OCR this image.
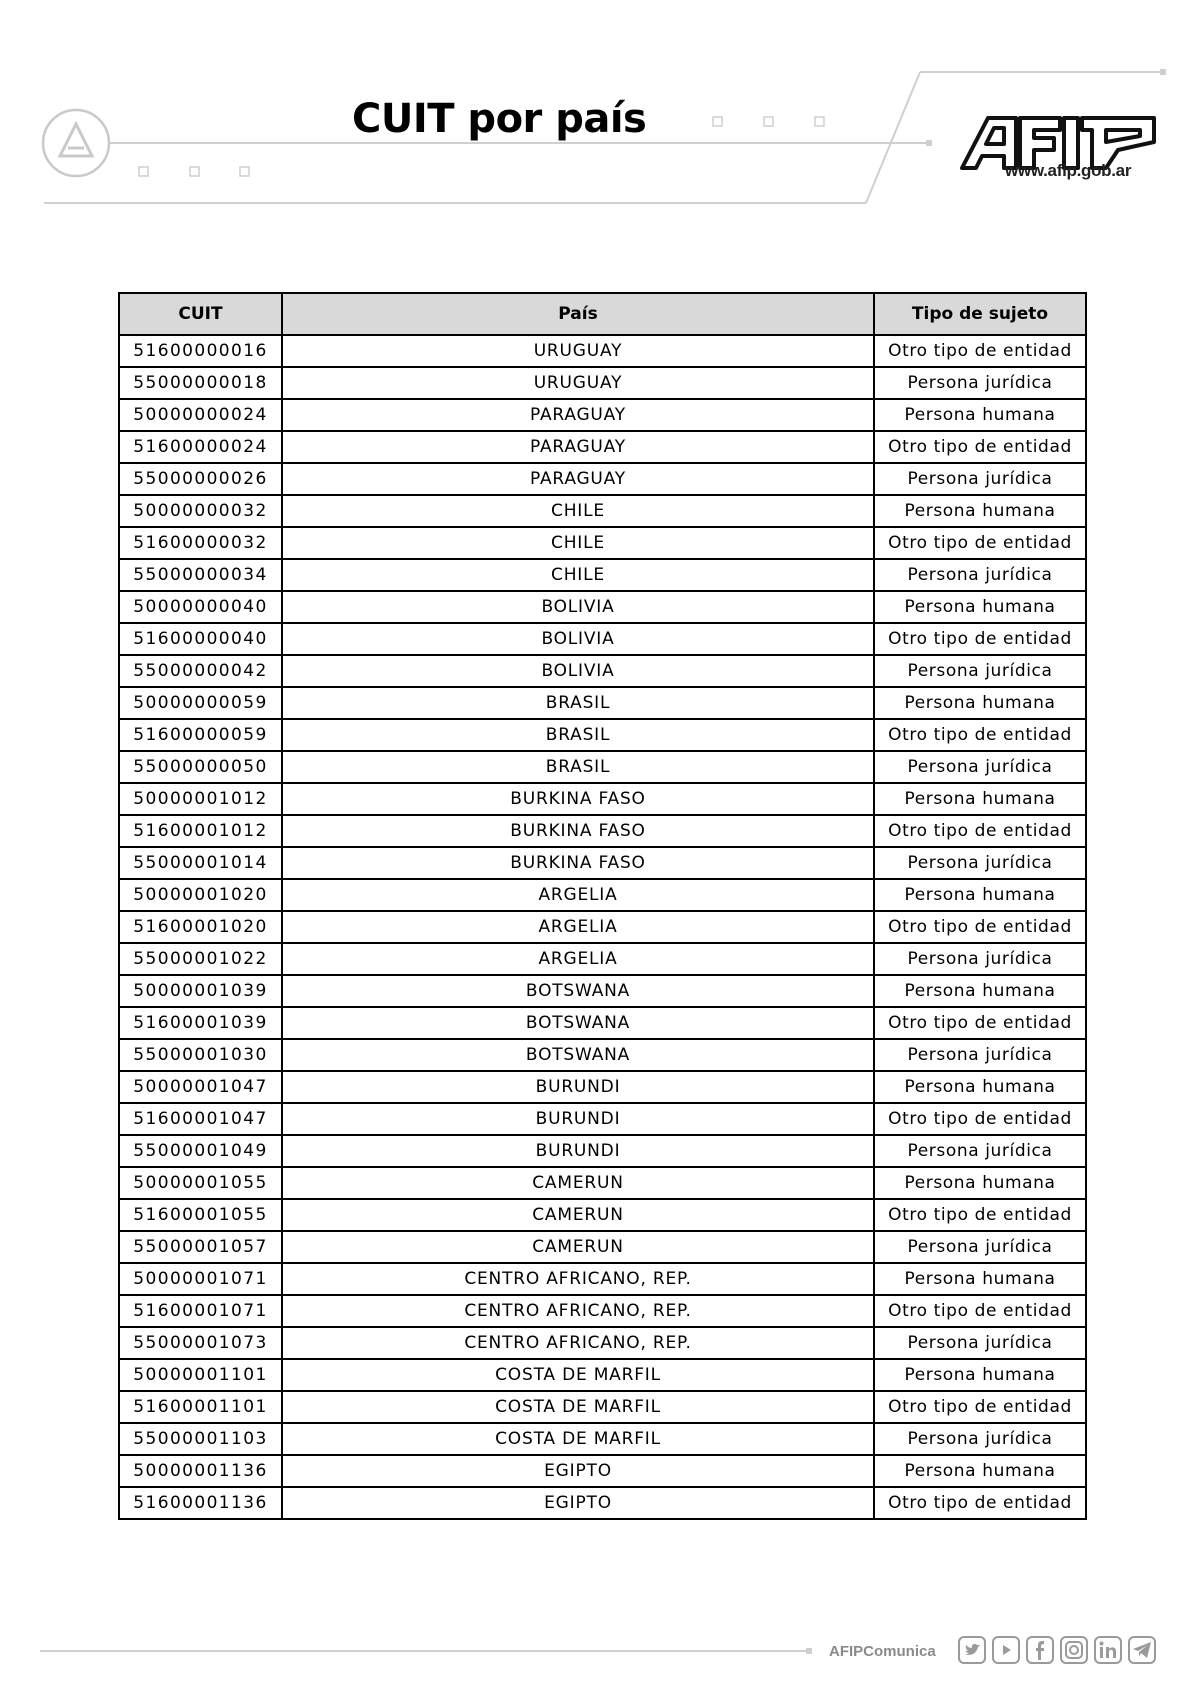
CUIT por país
www.afip.gob.ar
CUIT	País	Tipo de sujeto
51600000016	URUGUAY	Otro tipo de entidad
55000000018	URUGUAY	Persona jurídica
50000000024	PARAGUAY	Persona humana
51600000024	PARAGUAY	Otro tipo de entidad
55000000026	PARAGUAY	Persona jurídica
50000000032	CHILE	Persona humana
51600000032	CHILE	Otro tipo de entidad
55000000034	CHILE	Persona jurídica
50000000040	BOLIVIA	Persona humana
51600000040	BOLIVIA	Otro tipo de entidad
55000000042	BOLIVIA	Persona jurídica
50000000059	BRASIL	Persona humana
51600000059	BRASIL	Otro tipo de entidad
55000000050	BRASIL	Persona jurídica
50000001012	BURKINA FASO	Persona humana
51600001012	BURKINA FASO	Otro tipo de entidad
55000001014	BURKINA FASO	Persona jurídica
50000001020	ARGELIA	Persona humana
51600001020	ARGELIA	Otro tipo de entidad
55000001022	ARGELIA	Persona jurídica
50000001039	BOTSWANA	Persona humana
51600001039	BOTSWANA	Otro tipo de entidad
55000001030	BOTSWANA	Persona jurídica
50000001047	BURUNDI	Persona humana
51600001047	BURUNDI	Otro tipo de entidad
55000001049	BURUNDI	Persona jurídica
50000001055	CAMERUN	Persona humana
51600001055	CAMERUN	Otro tipo de entidad
55000001057	CAMERUN	Persona jurídica
50000001071	CENTRO AFRICANO, REP.	Persona humana
51600001071	CENTRO AFRICANO, REP.	Otro tipo de entidad
55000001073	CENTRO AFRICANO, REP.	Persona jurídica
50000001101	COSTA DE MARFIL	Persona humana
51600001101	COSTA DE MARFIL	Otro tipo de entidad
55000001103	COSTA DE MARFIL	Persona jurídica
50000001136	EGIPTO	Persona humana
51600001136	EGIPTO	Otro tipo de entidad
AFIPComunica
